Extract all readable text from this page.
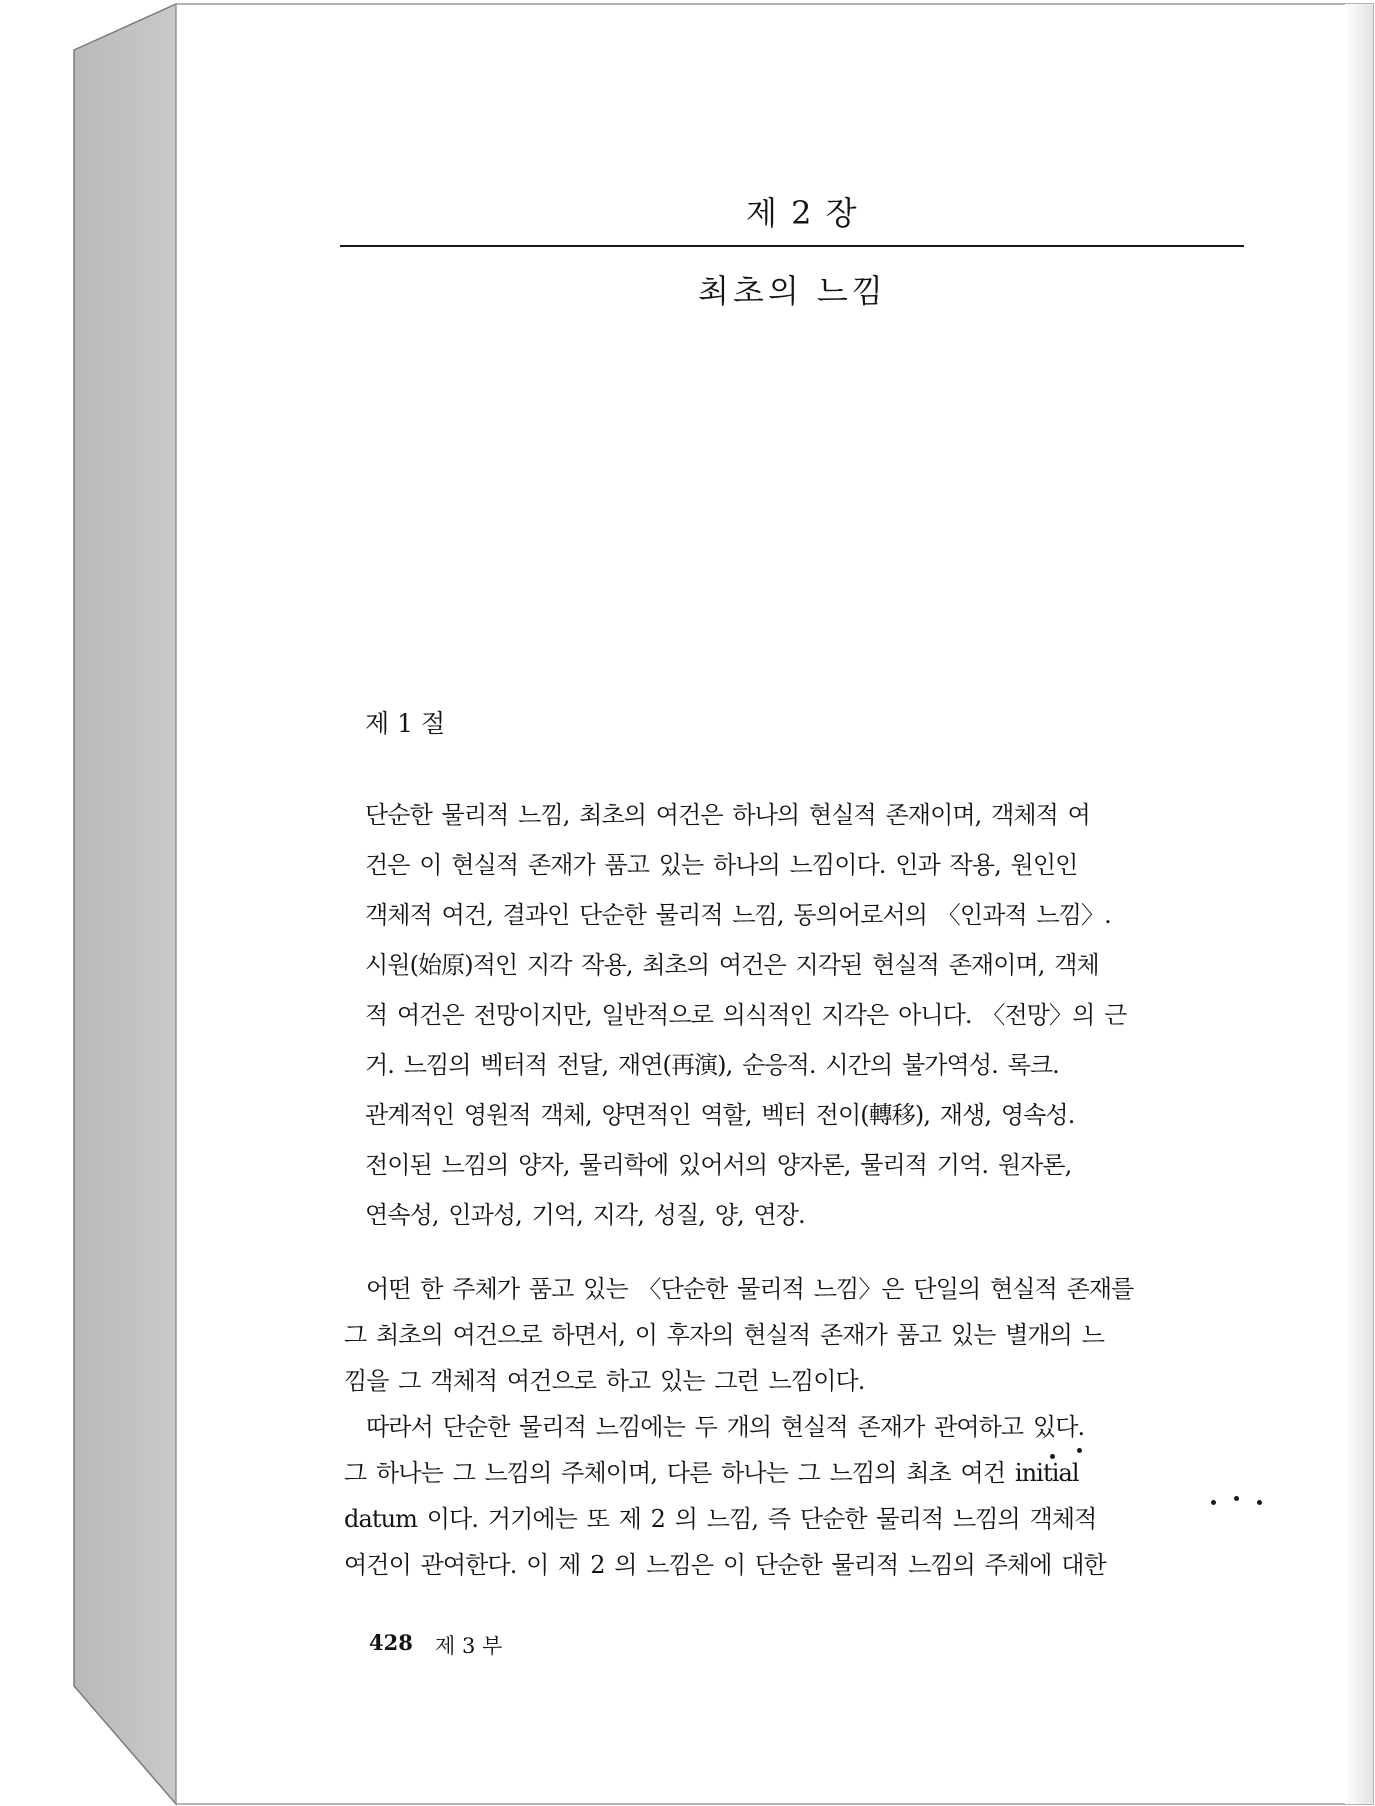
제 2 장
최초의 느낌
제 1 절
단순한 물리적 느낌, 최초의 여건은 하나의 현실적 존재이며, 객체적 여
건은 이 현실적 존재가 품고 있는 하나의 느낌이다. 인과 작용, 원인인
객체적 여건, 결과인 단순한 물리적 느낌, 동의어로서의 〈인과적 느낌〉.
시원(始原)적인 지각 작용, 최초의 여건은 지각된 현실적 존재이며, 객체
적 여건은 전망이지만, 일반적으로 의식적인 지각은 아니다. 〈전망〉의 근
거. 느낌의 벡터적 전달, 재연(再演), 순응적. 시간의 불가역성. 록크.
관계적인 영원적 객체, 양면적인 역할, 벡터 전이(轉移), 재생, 영속성.
전이된 느낌의 양자, 물리학에 있어서의 양자론, 물리적 기억. 원자론,
연속성, 인과성, 기억, 지각, 성질, 양, 연장.
어떤 한 주체가 품고 있는 〈단순한 물리적 느낌〉은 단일의 현실적 존재를
그 최초의 여건으로 하면서, 이 후자의 현실적 존재가 품고 있는 별개의 느
낌을 그 객체적 여건으로 하고 있는 그런 느낌이다.
따라서 단순한 물리적 느낌에는 두 개의 현실적 존재가 관여하고 있다.
그 하나는 그 느낌의 주체이며, 다른 하나는 그 느낌의 최초 여건 initial
datum 이다. 거기에는 또 제 2 의 느낌, 즉 단순한 물리적 느낌의 객체적
여건이 관여한다. 이 제 2 의 느낌은 이 단순한 물리적 느낌의 주체에 대한
428 제 3 부
